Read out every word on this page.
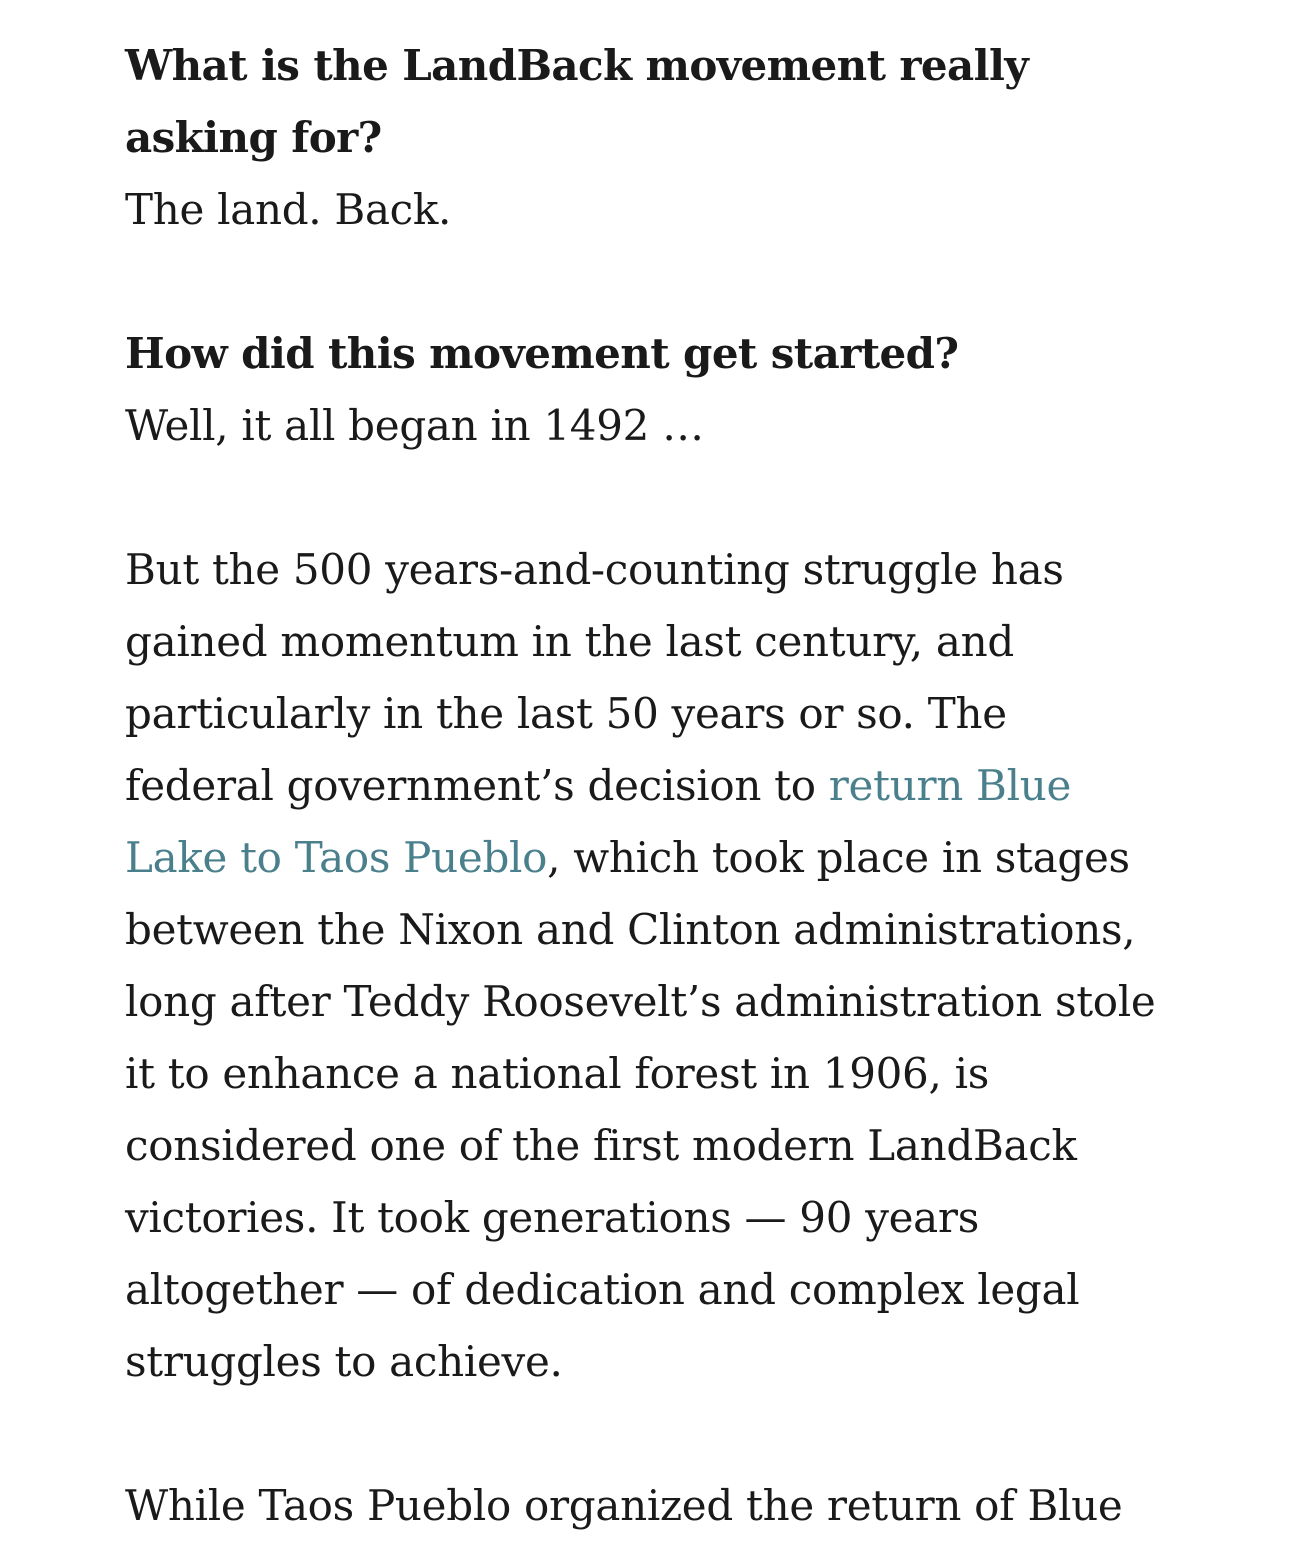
What is the LandBack movement really asking for?

The land. Back.

How did this movement get started?

Well, it all began in 1492 …

But the 500 years-and-counting struggle has gained momentum in the last century, and particularly in the last 50 years or so. The federal government’s decision to return Blue Lake to Taos Pueblo, which took place in stages between the Nixon and Clinton administrations, long after Teddy Roosevelt’s administration stole it to enhance a national forest in 1906, is considered one of the first modern LandBack victories. It took generations — 90 years altogether — of dedication and complex legal struggles to achieve.

While Taos Pueblo organized the return of Blue
